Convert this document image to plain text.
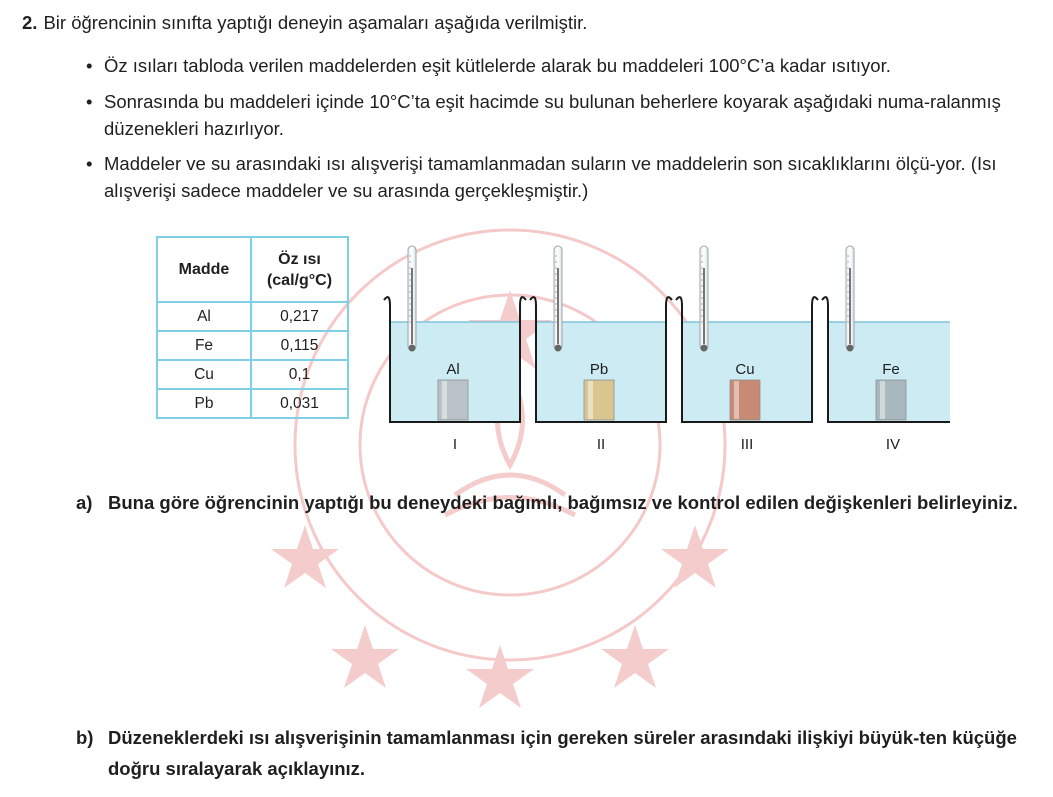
2. Bir öğrencinin sınıfta yaptığı deneyin aşamaları aşağıda verilmiştir.
• Öz ısıları tabloda verilen maddelerden eşit kütlelerde alarak bu maddeleri 100°C’a kadar ısıtıyor.
• Sonrasında bu maddeleri içinde 10°C’ta eşit hacimde su bulunan beherlere koyarak aşağıdaki numa-ralanmış düzenekleri hazırlıyor.
• Maddeler ve su arasındaki ısı alışverişi tamamlanmadan suların ve maddelerin son sıcaklıklarını ölçü-yor. (Isı alışverişi sadece maddeler ve su arasında gerçekleşmiştir.)
Madde	Öz ısı (cal/g°C)
Al	0,217
Fe	0,115
Cu	0,1
Pb	0,031
Al
I
Pb
II
Cu
III
Fe
IV
a) Buna göre öğrencinin yaptığı bu deneydeki bağımlı, bağımsız ve kontrol edilen değişkenleri belirleyiniz.
b) Düzeneklerdeki ısı alışverişinin tamamlanması için gereken süreler arasındaki ilişkiyi büyük-ten küçüğe doğru sıralayarak açıklayınız.
